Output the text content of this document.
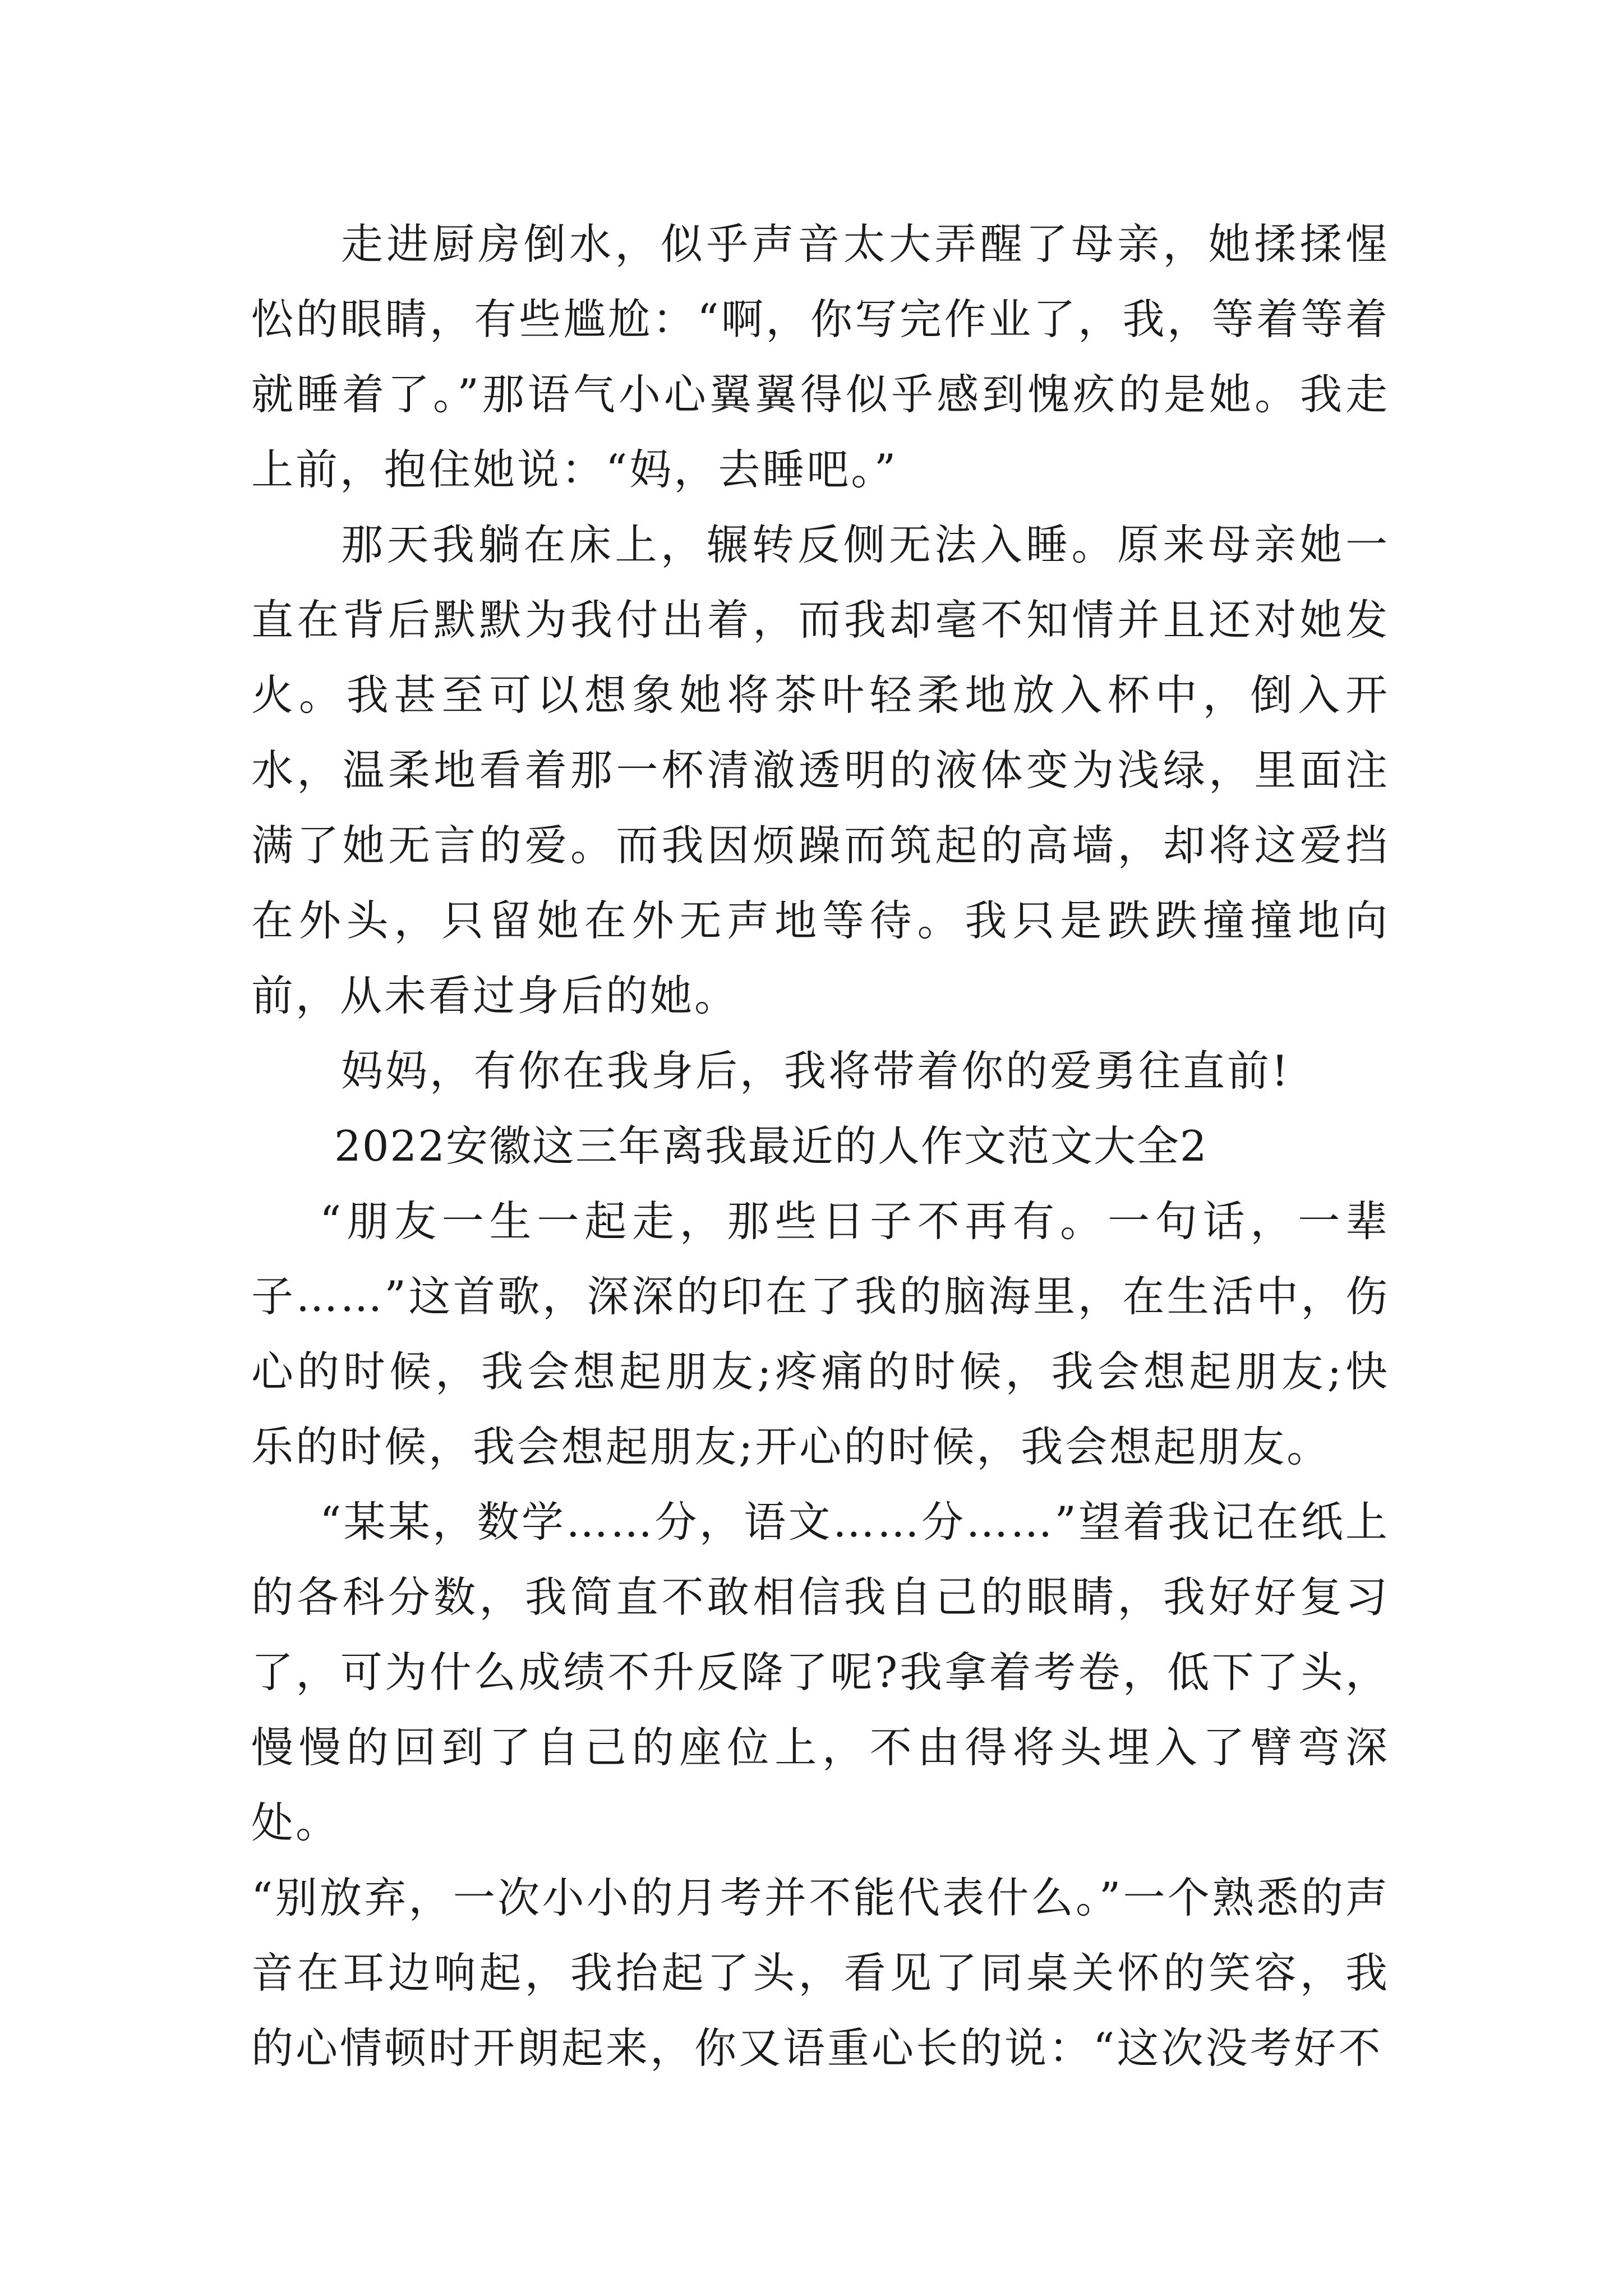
走进厨房倒水，似乎声音太大弄醒了母亲，她揉揉惺忪的眼睛，有些尴尬：“啊，你写完作业了，我，等着等着就睡着了。”那语气小心翼翼得似乎感到愧疚的是她。我走上前，抱住她说：“妈，去睡吧。”

那天我躺在床上，辗转反侧无法入睡。原来母亲她一直在背后默默为我付出着，而我却毫不知情并且还对她发火。我甚至可以想象她将茶叶轻柔地放入杯中，倒入开水，温柔地看着那一杯清澈透明的液体变为浅绿，里面注满了她无言的爱。而我因烦躁而筑起的高墙，却将这爱挡在外头，只留她在外无声地等待。我只是跌跌撞撞地向前，从未看过身后的她。

妈妈，有你在我身后，我将带着你的爱勇往直前!

2022安徽这三年离我最近的人作文范文大全2

“朋友一生一起走，那些日子不再有。一句话，一辈子……”这首歌，深深的印在了我的脑海里，在生活中，伤心的时候，我会想起朋友;疼痛的时候，我会想起朋友;快乐的时候，我会想起朋友;开心的时候，我会想起朋友。

“某某，数学……分，语文……分……”望着我记在纸上的各科分数，我简直不敢相信我自己的眼睛，我好好复习了，可为什么成绩不升反降了呢?我拿着考卷，低下了头，慢慢的回到了自己的座位上，不由得将头埋入了臂弯深处。

“别放弃，一次小小的月考并不能代表什么。”一个熟悉的声音在耳边响起，我抬起了头，看见了同桌关怀的笑容，我的心情顿时开朗起来，你又语重心长的说：“这次没考好不
